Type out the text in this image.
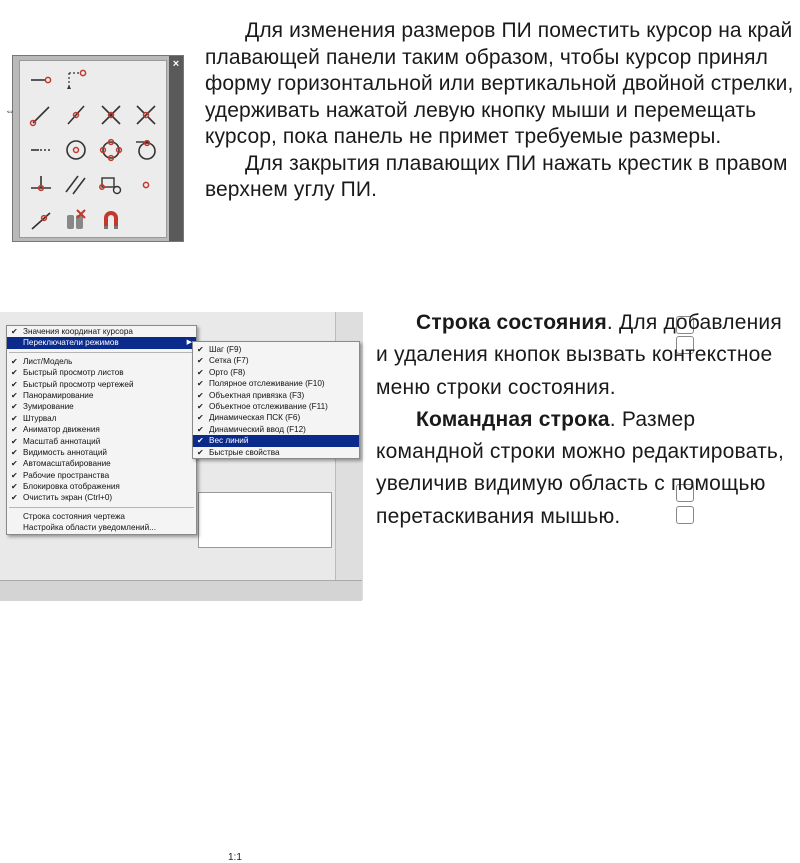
⇔
×

Для изменения размеров ПИ поместить курсор на край плавающей панели таким образом, чтобы курсор принял форму горизонтальной или вертикальной двойной стрелки, удерживать нажатой левую кнопку мыши и перемещать курсор, пока панель не примет требуемые размеры.

Для закрытия плавающих ПИ нажать крестик в правом верхнем углу ПИ.

1:1
✔ Значения координат курсора
Переключатели режимов	▶
✔ Лист/Модель
✔ Быстрый просмотр листов
✔ Быстрый просмотр чертежей
✔ Панорамирование
✔ Зумирование
✔ Штурвал
✔ Аниматор движения
✔ Масштаб аннотаций
✔ Видимость аннотаций
✔ Автомасштабирование
✔ Рабочие пространства
✔ Блокировка отображения
✔ Очистить экран (Ctrl+0)
Строка состояния чертежа
Настройка области уведомлений...
✔ Шаг (F9)
✔ Сетка (F7)
✔ Орто (F8)
✔ Полярное отслеживание (F10)
✔ Объектная привязка (F3)
✔ Объектное отслеживание (F11)
✔ Динамическая ПСК (F6)
✔ Динамический ввод (F12)
✔ Вес линий
✔ Быстрые свойства

Строка состояния. Для добавления и удаления кнопок вызвать контекстное меню строки состояния.

Командная строка. Размер командной строки можно редактировать, увеличив видимую область с помощью перетаскивания мышью.
